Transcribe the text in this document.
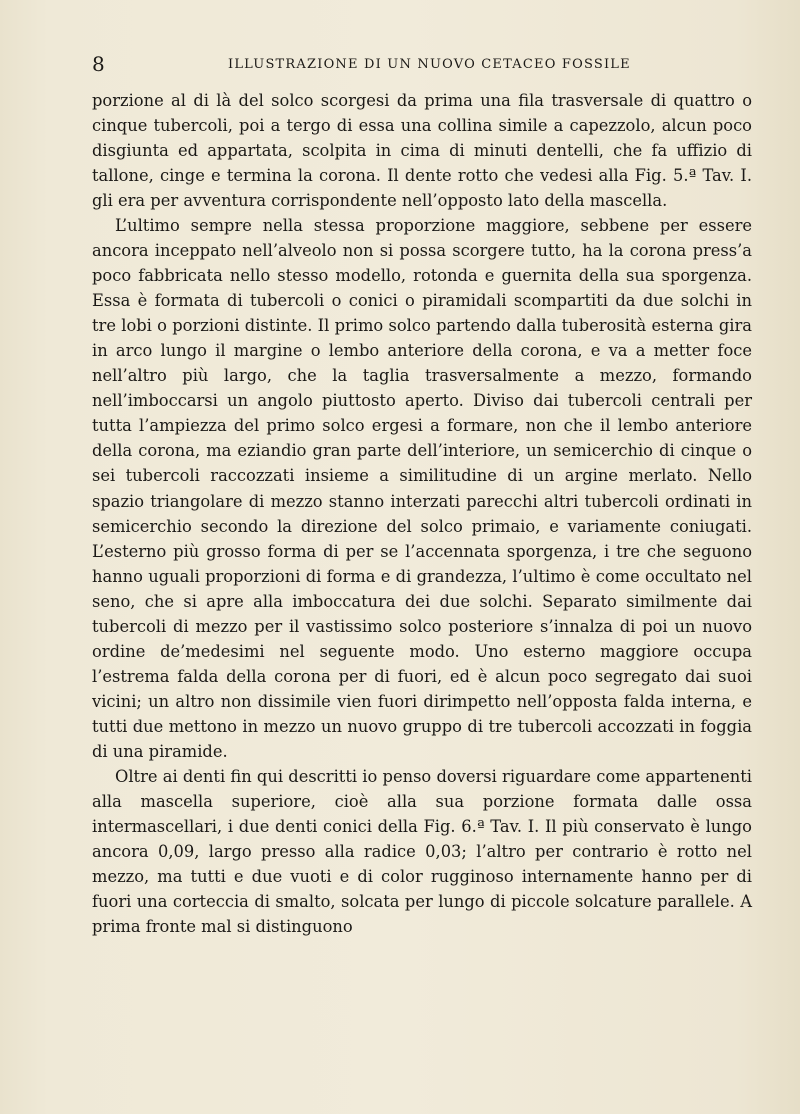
8	ILLUSTRAZIONE DI UN NUOVO CETACEO FOSSILE

porzione al di là del solco scorgesi da prima una fila trasversale di quattro o cinque tubercoli, poi a tergo di essa una collina simile a capezzolo, alcun poco disgiunta ed appartata, scolpita in cima di minuti dentelli, che fa uffizio di tallone, cinge e termina la corona. Il dente rotto che vedesi alla Fig. 5.ª Tav. I. gli era per avventura corrispondente nell’opposto lato della mascella.

L’ultimo sempre nella stessa proporzione maggiore, sebbene per essere ancora inceppato nell’alveolo non si possa scorgere tutto, ha la corona press’a poco fabbricata nello stesso modello, rotonda e guernita della sua sporgenza. Essa è formata di tubercoli o conici o piramidali scompartiti da due solchi in tre lobi o porzioni distinte. Il primo solco partendo dalla tuberosità esterna gira in arco lungo il margine o lembo anteriore della corona, e va a metter foce nell’altro più largo, che la taglia trasversalmente a mezzo, formando nell’imboccarsi un angolo piuttosto aperto. Diviso dai tubercoli centrali per tutta l’ampiezza del primo solco ergesi a formare, non che il lembo anteriore della corona, ma eziandio gran parte dell’interiore, un semicerchio di cinque o sei tubercoli raccozzati insieme a similitudine di un argine merlato. Nello spazio triangolare di mezzo stanno interzati parecchi altri tubercoli ordinati in semicerchio secondo la direzione del solco primaio, e variamente coniugati. L’esterno più grosso forma di per se l’accennata sporgenza, i tre che seguono hanno uguali proporzioni di forma e di grandezza, l’ultimo è come occultato nel seno, che si apre alla imboccatura dei due solchi. Separato similmente dai tubercoli di mezzo per il vastissimo solco posteriore s’innalza di poi un nuovo ordine de’medesimi nel seguente modo. Uno esterno maggiore occupa l’estrema falda della corona per di fuori, ed è alcun poco segregato dai suoi vicini; un altro non dissimile vien fuori dirimpetto nell’opposta falda interna, e tutti due mettono in mezzo un nuovo gruppo di tre tubercoli accozzati in foggia di una piramide.

Oltre ai denti fin qui descritti io penso doversi riguardare come appartenenti alla mascella superiore, cioè alla sua porzione formata dalle ossa intermascellari, i due denti conici della Fig. 6.ª Tav. I. Il più conservato è lungo ancora 0,09, largo presso alla radice 0,03; l’altro per contrario è rotto nel mezzo, ma tutti e due vuoti e di color rugginoso internamente hanno per di fuori una corteccia di smalto, solcata per lungo di piccole solcature parallele. A prima fronte mal si distinguono
